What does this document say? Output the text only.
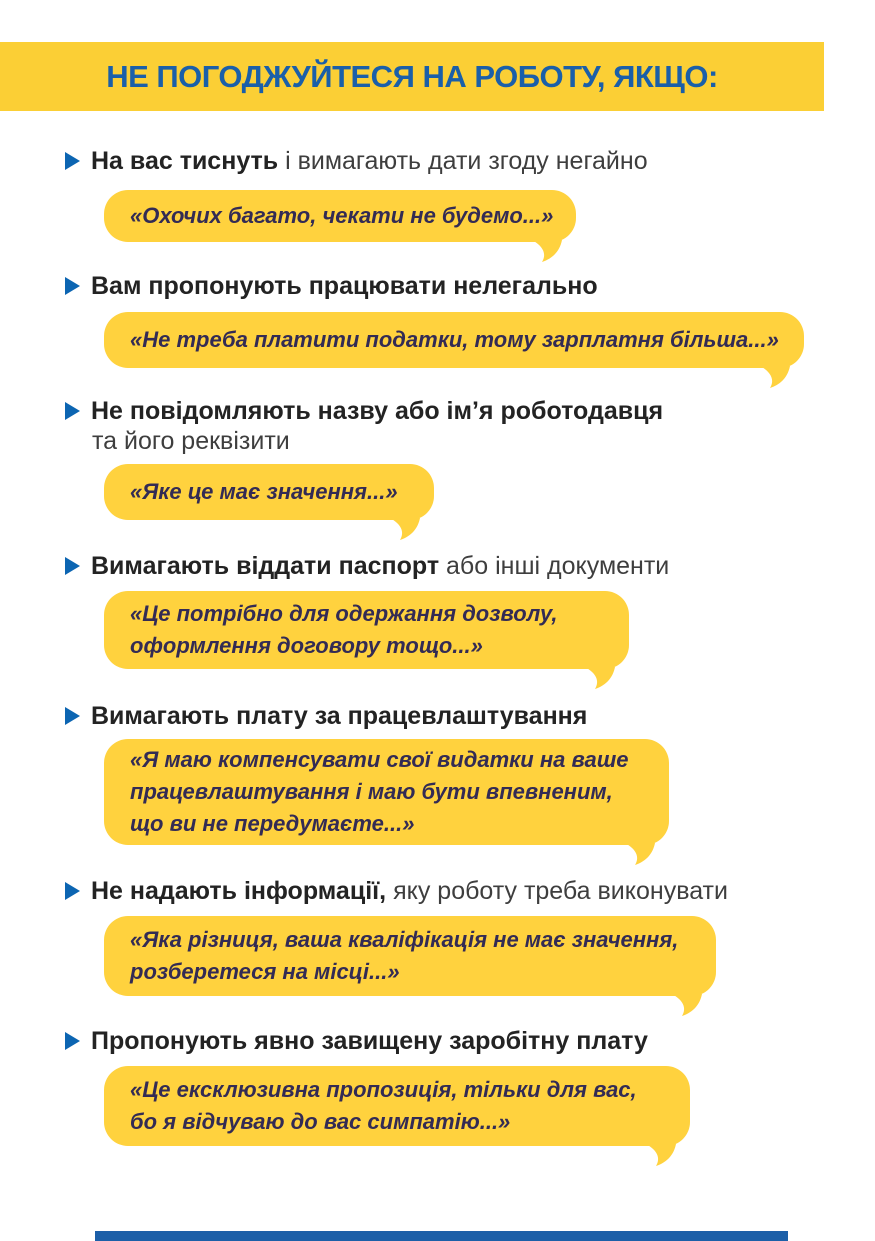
НЕ ПОГОДЖУЙТЕСЯ НА РОБОТУ, ЯКЩО:
На вас тиснуть і вимагають дати згоду негайно
«Охочих багато, чекати не будемо...»
Вам пропонують працювати нелегально
«Не треба платити податки, тому зарплатня більша...»
Не повідомляють назву або ім’я роботодавця
та його реквізити
«Яке це має значення...»
Вимагають віддати паспорт або інші документи
«Це потрібно для одержання дозволу,
оформлення договору тощо...»
Вимагають плату за працевлаштування
«Я маю компенсувати свої видатки на ваше
працевлаштування і маю бути впевненим,
що ви не передумаєте...»
Не надають інформації, яку роботу треба виконувати
«Яка різниця, ваша кваліфікація не має значення,
розберетеся на місці...»
Пропонують явно завищену заробітну плату
«Це ексклюзивна пропозиція, тільки для вас,
бо я відчуваю до вас симпатію...»
